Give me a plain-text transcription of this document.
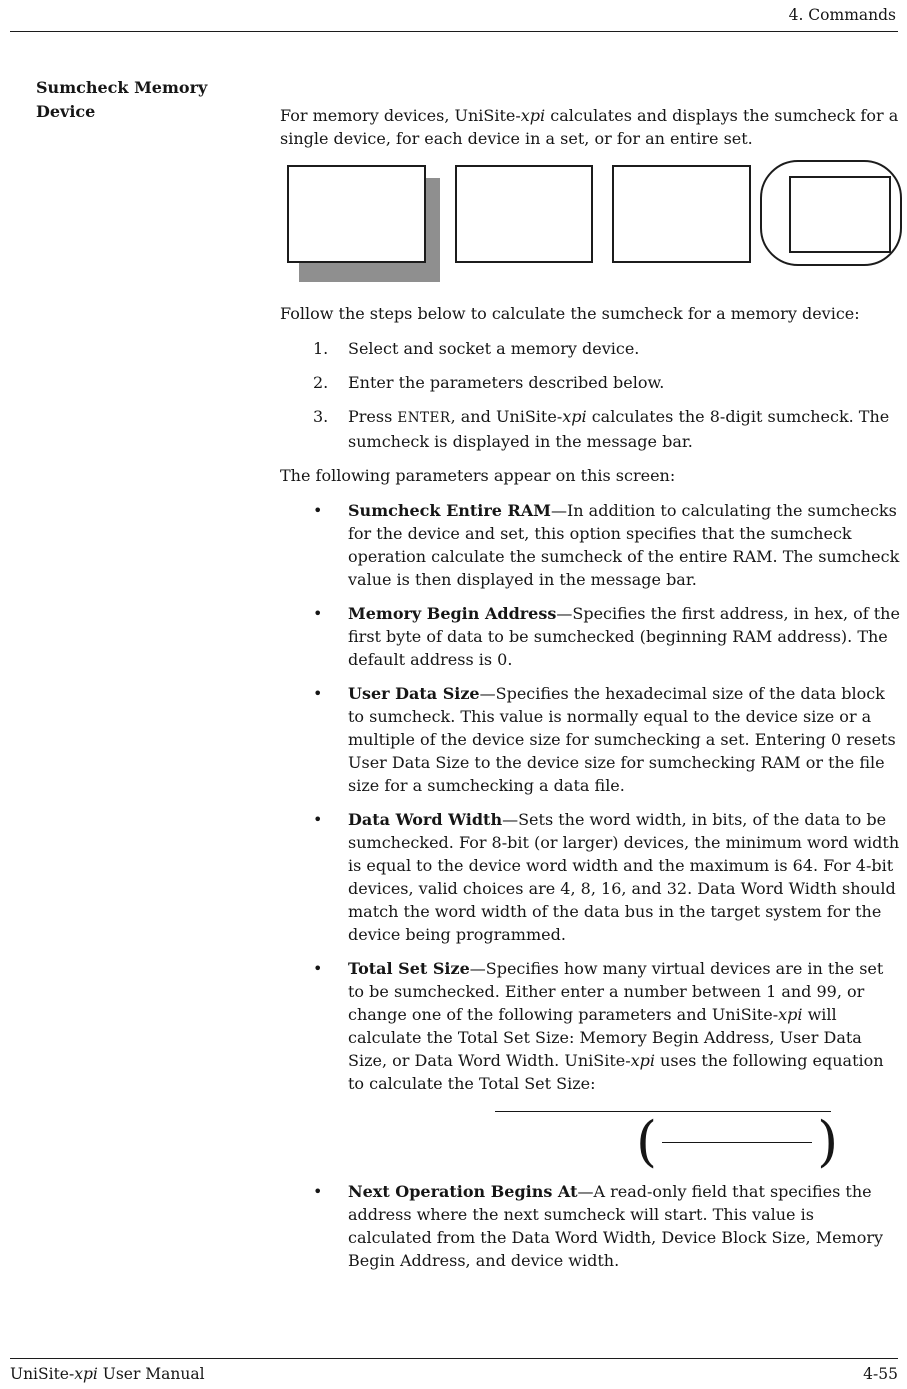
4. Commands
Sumcheck Memory Device	For memory devices, UniSite-xpi calculates and displays the sumcheck for a single device, for each device in a set, or for an entire set.

Follow the steps below to calculate the sumcheck for a memory device:

1.	Select and socket a memory device.
2.	Enter the parameters described below.
3.	Press ENTER, and UniSite-xpi calculates the 8-digit sumcheck. The sumcheck is displayed in the message bar.

The following parameters appear on this screen:

•	Sumcheck Entire RAM—In addition to calculating the sumchecks for the device and set, this option specifies that the sumcheck operation calculate the sumcheck of the entire RAM. The sumcheck value is then displayed in the message bar.
•	Memory Begin Address—Specifies the first address, in hex, of the first byte of data to be sumchecked (beginning RAM address). The default address is 0.
•	User Data Size—Specifies the hexadecimal size of the data block to sumcheck. This value is normally equal to the device size or a multiple of the device size for sumchecking a set. Entering 0 resets User Data Size to the device size for sumchecking RAM or the file size for a sumchecking a data file.
•	Data Word Width—Sets the word width, in bits, of the data to be sumchecked. For 8-bit (or larger) devices, the minimum word width is equal to the device word width and the maximum is 64. For 4-bit devices, valid choices are 4, 8, 16, and 32. Data Word Width should match the word width of the data bus in the target system for the device being programmed.
•	Total Set Size—Specifies how many virtual devices are in the set to be sumchecked. Either enter a number between 1 and 99, or change one of the following parameters and UniSite-xpi will calculate the Total Set Size: Memory Begin Address, User Data Size, or Data Word Width. UniSite-xpi uses the following equation to calculate the Total Set Size:
(	)
•	Next Operation Begins At—A read-only field that specifies the address where the next sumcheck will start. This value is calculated from the Data Word Width, Device Block Size, Memory Begin Address, and device width.
UniSite-xpi User Manual	4-55
